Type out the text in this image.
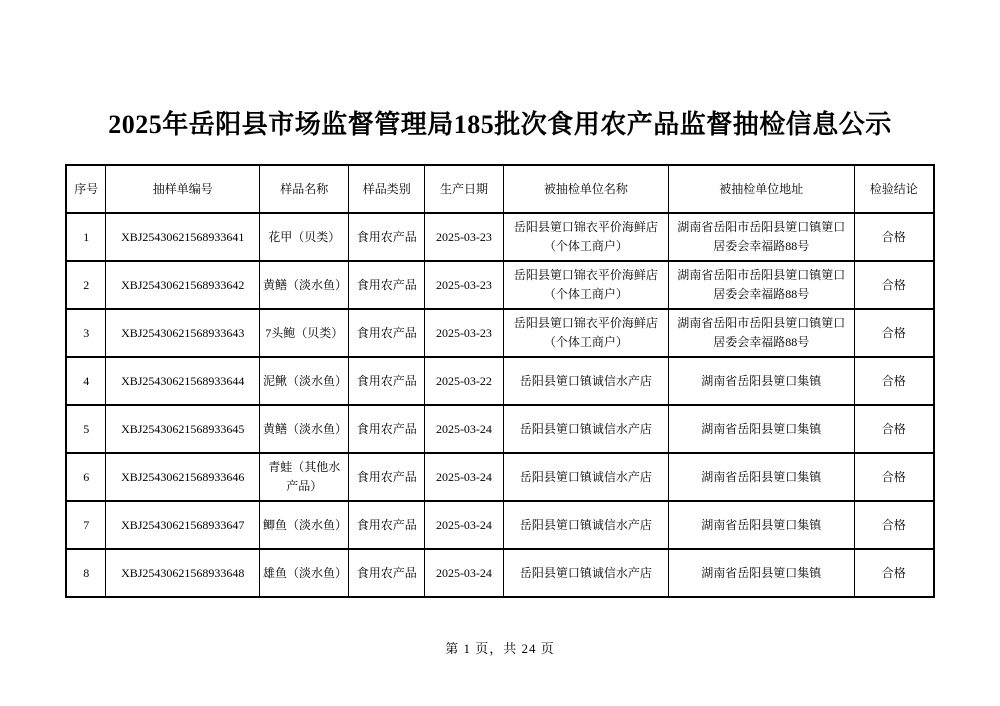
2025年岳阳县市场监督管理局185批次食用农产品监督抽检信息公示
序号	抽样单编号	样品名称	样品类别	生产日期	被抽检单位名称	被抽检单位地址	检验结论
1	XBJ25430621568933641	花甲（贝类）	食用农产品	2025-03-23	岳阳县筻口锦衣平价海鲜店（个体工商户）	湖南省岳阳市岳阳县筻口镇筻口居委会幸福路88号	合格
2	XBJ25430621568933642	黄鳝（淡水鱼）	食用农产品	2025-03-23	岳阳县筻口锦衣平价海鲜店（个体工商户）	湖南省岳阳市岳阳县筻口镇筻口居委会幸福路88号	合格
3	XBJ25430621568933643	7头鲍（贝类）	食用农产品	2025-03-23	岳阳县筻口锦衣平价海鲜店（个体工商户）	湖南省岳阳市岳阳县筻口镇筻口居委会幸福路88号	合格
4	XBJ25430621568933644	泥鳅（淡水鱼）	食用农产品	2025-03-22	岳阳县筻口镇诚信水产店	湖南省岳阳县筻口集镇	合格
5	XBJ25430621568933645	黄鳝（淡水鱼）	食用农产品	2025-03-24	岳阳县筻口镇诚信水产店	湖南省岳阳县筻口集镇	合格
6	XBJ25430621568933646	青蛙（其他水产品）	食用农产品	2025-03-24	岳阳县筻口镇诚信水产店	湖南省岳阳县筻口集镇	合格
7	XBJ25430621568933647	鲫鱼（淡水鱼）	食用农产品	2025-03-24	岳阳县筻口镇诚信水产店	湖南省岳阳县筻口集镇	合格
8	XBJ25430621568933648	雄鱼（淡水鱼）	食用农产品	2025-03-24	岳阳县筻口镇诚信水产店	湖南省岳阳县筻口集镇	合格
第 1 页，共 24 页
